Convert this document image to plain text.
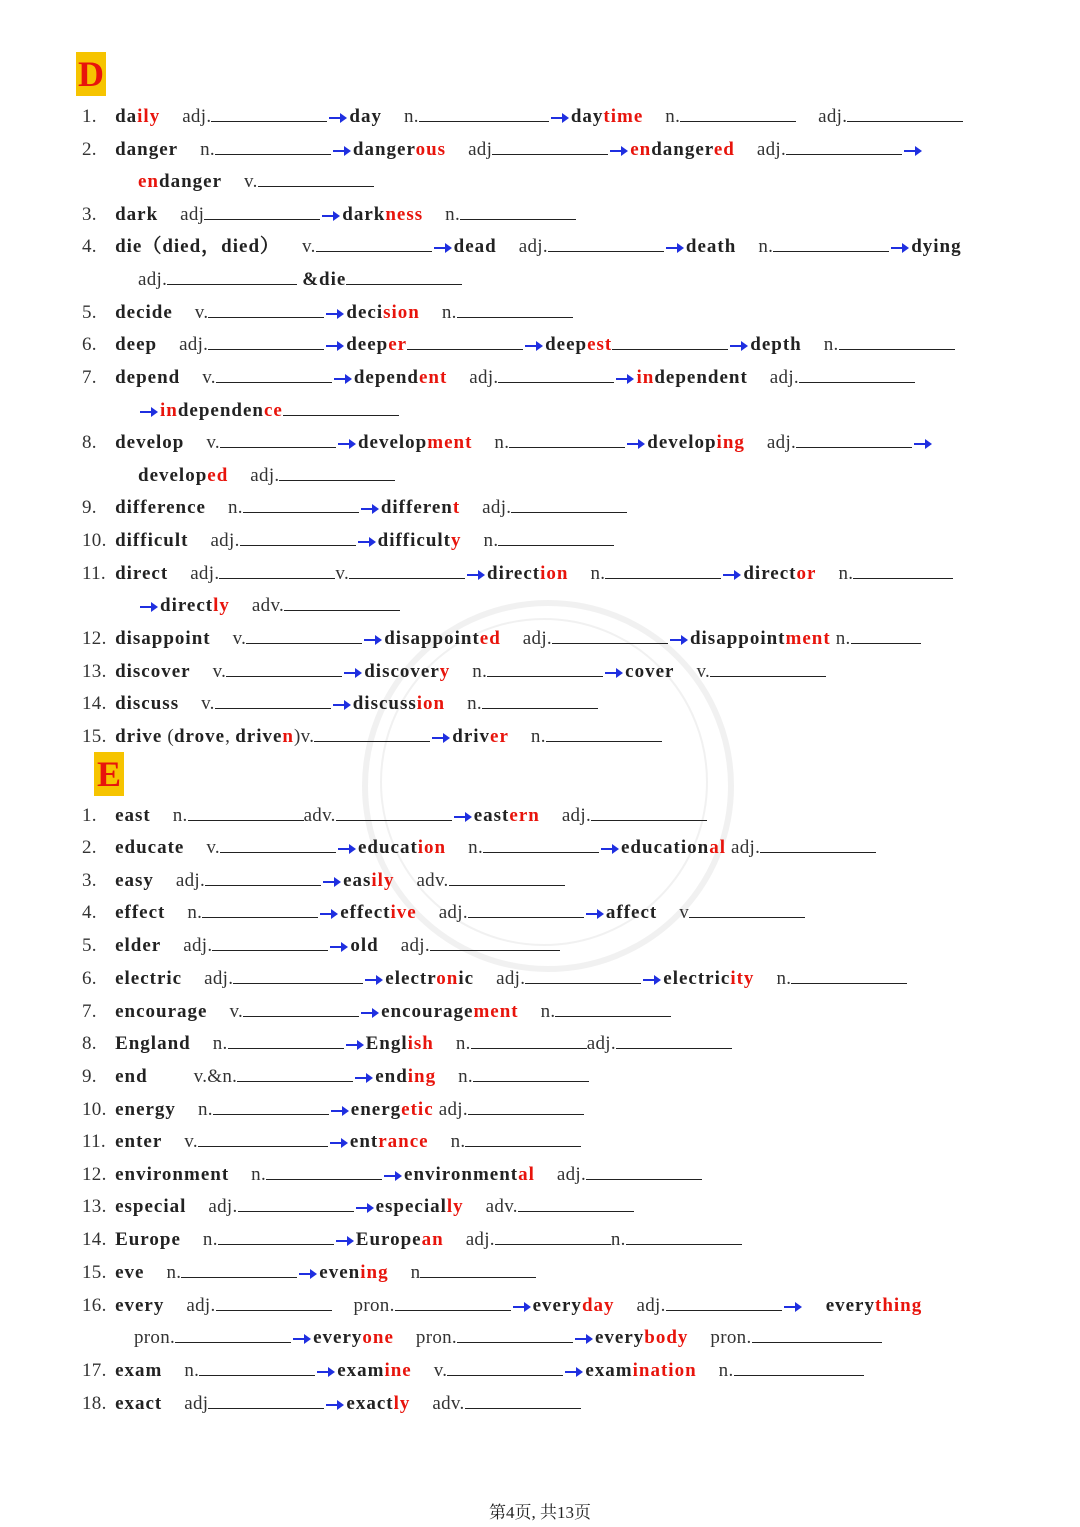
D
1. daily adj.	day n.	daytime n.	adj.
2. danger n.	dangerous adj	endangered adj.
endanger v.
3. dark adj	darkness n.
4. die（died，died） v.	dead adj.	death n.	dying
adj.	&die
5. decide v.	decision n.
6. deep adj.	deeper	deepest	depth n.
7. depend v.	dependent adj.	independent adj.
independence
8. develop v.	development n.	developing adj.
developed adj.
9. difference n.	different adj.
10. difficult adj.	difficulty n.
11. direct adj.	v.	direction n.	director n.
directly adv.
12. disappoint v.	disappointed adj.	disappointment n.
13. discover v.	discovery n.	cover v.
14. discuss v.	discussion n.
15. drive (drove, driven)v.	driver n.
E
1. east n.	adv.	eastern adj.
2. educate v.	education n.	educational adj.
3. easy adj.	easily adv.
4. effect n.	effective adj.	affect v
5. elder adj.	old adj.
6. electric adj.	electronic adj.	electricity n.
7. encourage v.	encouragement n.
8. England n.	English n.	adj.
9. end v.&n.	ending n.
10. energy n.	energetic adj.
11. enter v.	entrance n.
12. environment n.	environmental adj.
13. especial adj.	especially adv.
14. Europe n.	European adj.	n.
15. eve n.	evening n
16. every adj.	pron.	everyday adj.	everything
pron.	everyone pron.	everybody pron.
17. exam n.	examine v.	examination n.
18. exact adj	exactly adv.
第4页, 共13页
